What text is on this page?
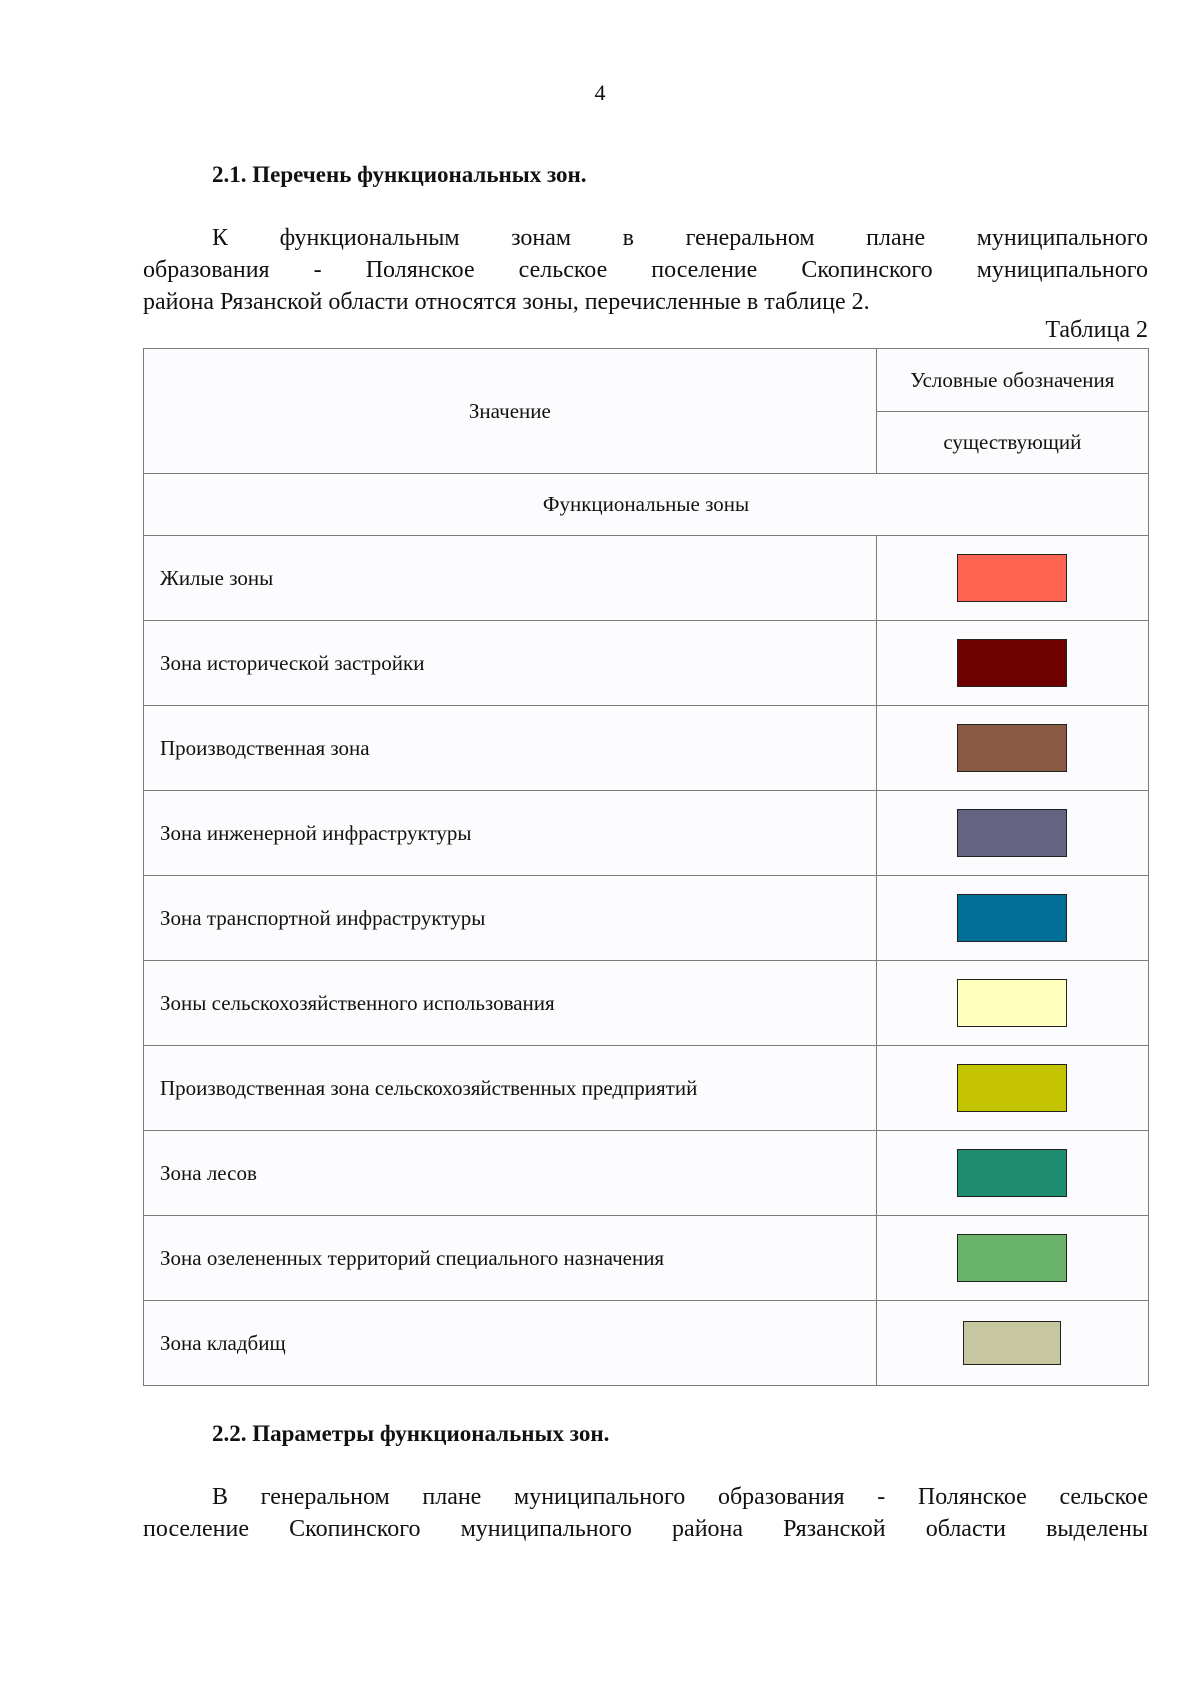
4
2.1. Перечень функциональных зон.
К функциональным зонам в генеральном плане муниципального
образования - Полянское сельское поселение Скопинского муниципального
района Рязанской области относятся зоны, перечисленные в таблице 2.
Таблица 2
Значение	Условные обозначения
	существующий
Функциональные зоны	
Жилые зоны	
Зона исторической застройки	
Производственная зона	
Зона инженерной инфраструктуры	
Зона транспортной инфраструктуры	
Зоны сельскохозяйственного использования	
Производственная зона сельскохозяйственных предприятий	
Зона лесов	
Зона озелененных территорий специального назначения	
Зона кладбищ	
2.2. Параметры функциональных зон.
В генеральном плане муниципального образования - Полянское сельское
поселение Скопинского муниципального района Рязанской области выделены
